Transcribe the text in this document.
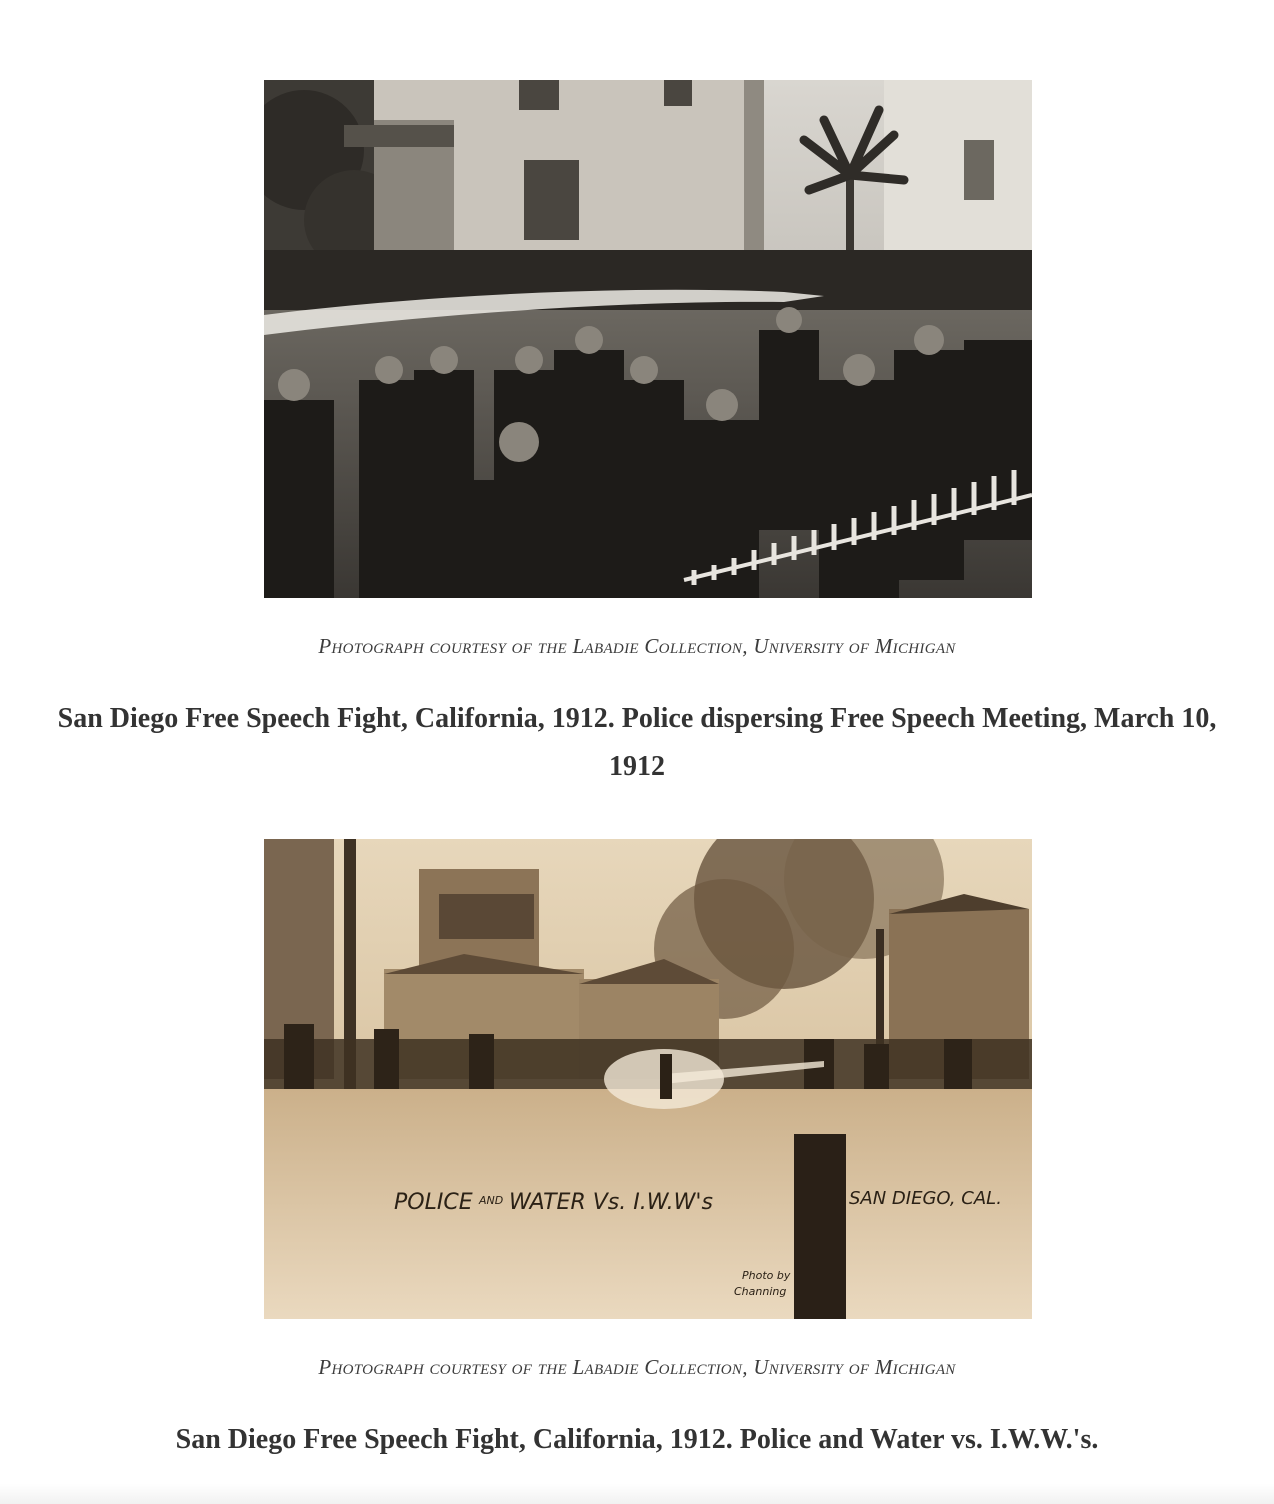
Photograph courtesy of the Labadie Collection, University of Michigan
San Diego Free Speech Fight, California, 1912. Police dispersing Free Speech Meeting, March 10, 1912
POLICE AND WATER Vs. I.W.W's	SAN DIEGO, CAL.
Photo by
Channing
Photograph courtesy of the Labadie Collection, University of Michigan
San Diego Free Speech Fight, California, 1912. Police and Water vs. I.W.W.'s.
